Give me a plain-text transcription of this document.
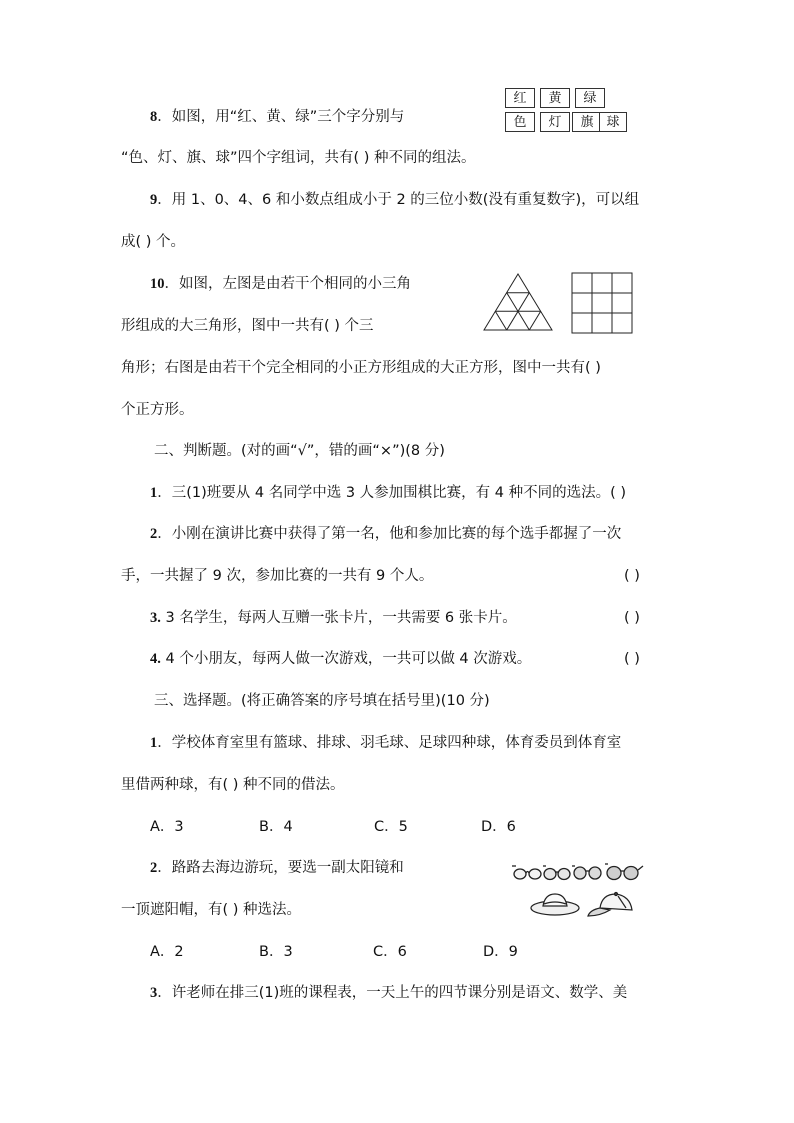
8．如图，用“红、黄、绿”三个字分别与
“色、灯、旗、球”四个字组词，共有( ) 种不同的组法。
红	黄	绿
色	灯	旗 球
9．用 1、0、4、6 和小数点组成小于 2 的三位小数(没有重复数字)，可以组
成( ) 个。
10．如图，左图是由若干个相同的小三角
形组成的大三角形，图中一共有( ) 个三
角形；右图是由若干个完全相同的小正方形组成的大正方形，图中一共有( )
个正方形。
二、判断题。(对的画“√”，错的画“×”)(8 分)
1．三(1)班要从 4 名同学中选 3 人参加围棋比赛，有 4 种不同的选法。( )
2．小刚在演讲比赛中获得了第一名，他和参加比赛的每个选手都握了一次
手，一共握了 9 次，参加比赛的一共有 9 个人。	( )
3. 3 名学生，每两人互赠一张卡片，一共需要 6 张卡片。	( )
4. 4 个小朋友，每两人做一次游戏，一共可以做 4 次游戏。	( )
三、选择题。(将正确答案的序号填在括号里)(10 分)
1．学校体育室里有篮球、排球、羽毛球、足球四种球，体育委员到体育室
里借两种球，有( ) 种不同的借法。
A．3	B．4	C．5	D．6
2．路路去海边游玩，要选一副太阳镜和
一顶遮阳帽，有( ) 种选法。
A．2	B．3	C．6	D．9
3．许老师在排三(1)班的课程表，一天上午的四节课分别是语文、数学、美
